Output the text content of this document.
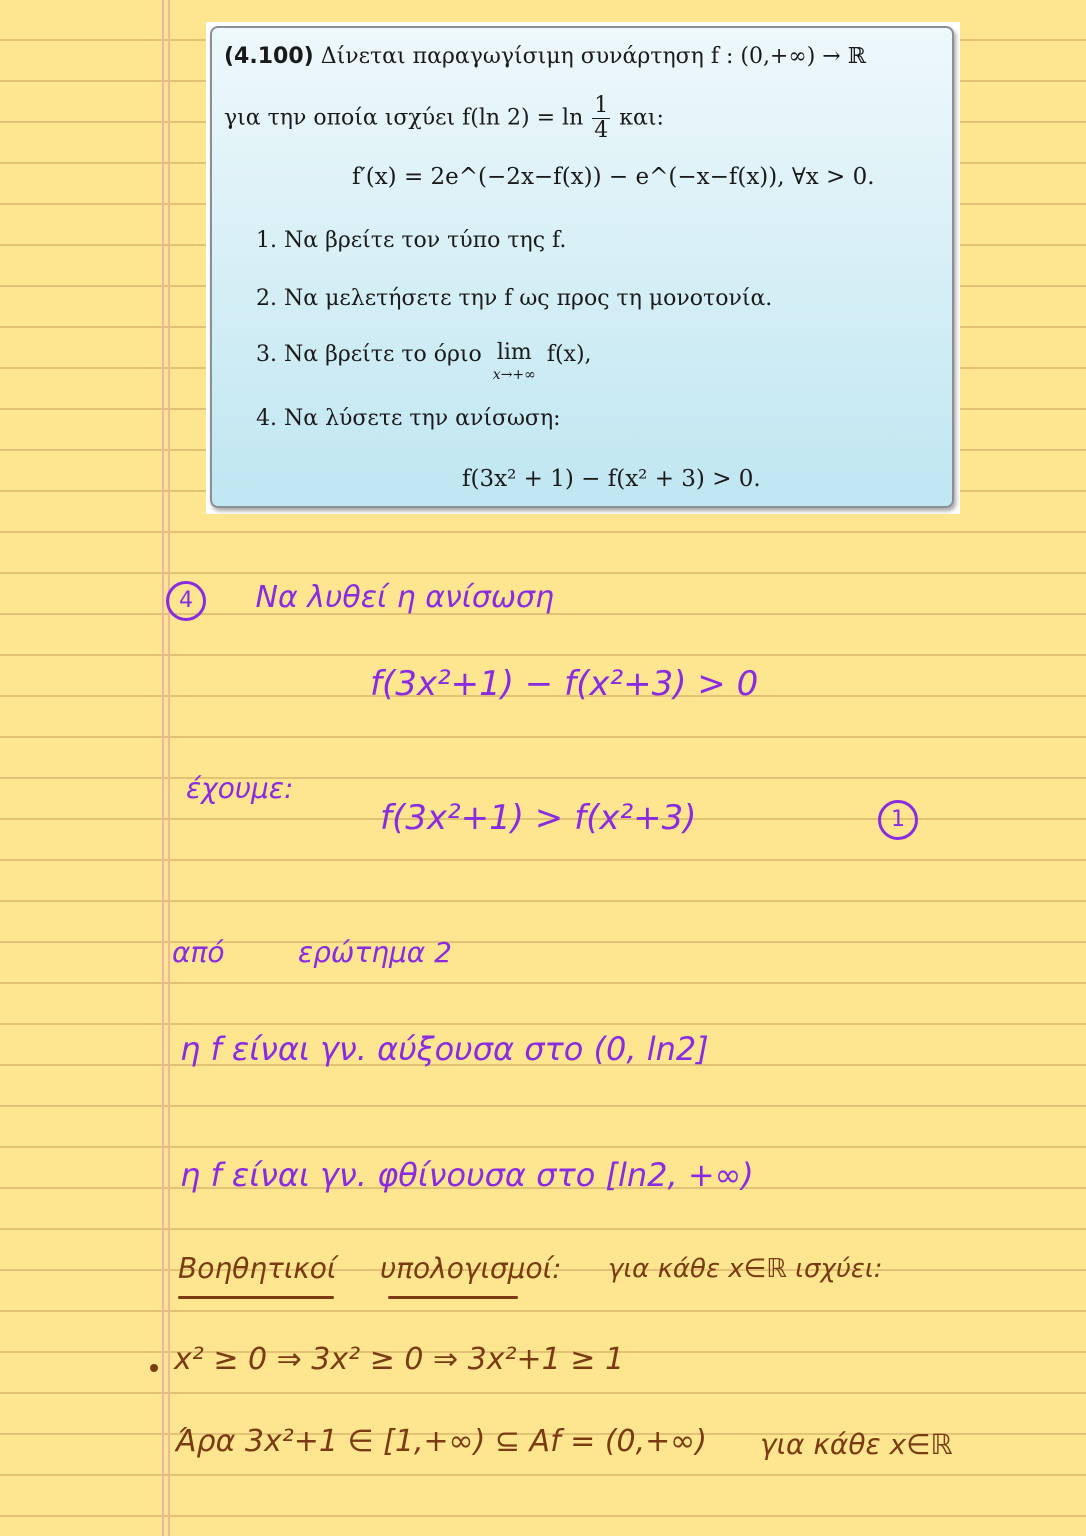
(4.100) Δίνεται παραγωγίσιμη συνάρτηση f : (0,+∞) → ℝ
για την οποία ισχύει f(ln $2) = \ln \frac{1}{4} \kappa\alpha\iota$:
f′(x) = 2e^(−2x−f(x)) − e^(−x−f(x)), ∀x > 0.
1. Να βρείτε τον τύπο της f.
2. Να μελετήσετε την f ως προς τη μονοτονία.
3. Να βρείτε το όριο lim
x→+∞
f(x),
4. Να λύσετε την ανίσωση:
f(3x² + 1) − f(x² + 3) > 0.
4 Να λυθεί η ανίσωση
f(3x²+1) − f(x²+3) > 0
έχουμε:
f(3x²+1) > f(x²+3)	1
από	ερώτημα 2
η f είναι γν. αύξουσα στο (0, ln2]
η f είναι γν. φθίνουσα στο [ln2, +∞)
Βοηθητικοί υπολογισμοί: για κάθε x∈ℝ ισχύει:
x² ≥ 0 ⇒ 3x² ≥ 0 ⇒ 3x²+1 ≥ 1
Άρα 3x²+1 ∈ [1,+∞) ⊆ Af = (0,+∞) για κάθε x∈ℝ
